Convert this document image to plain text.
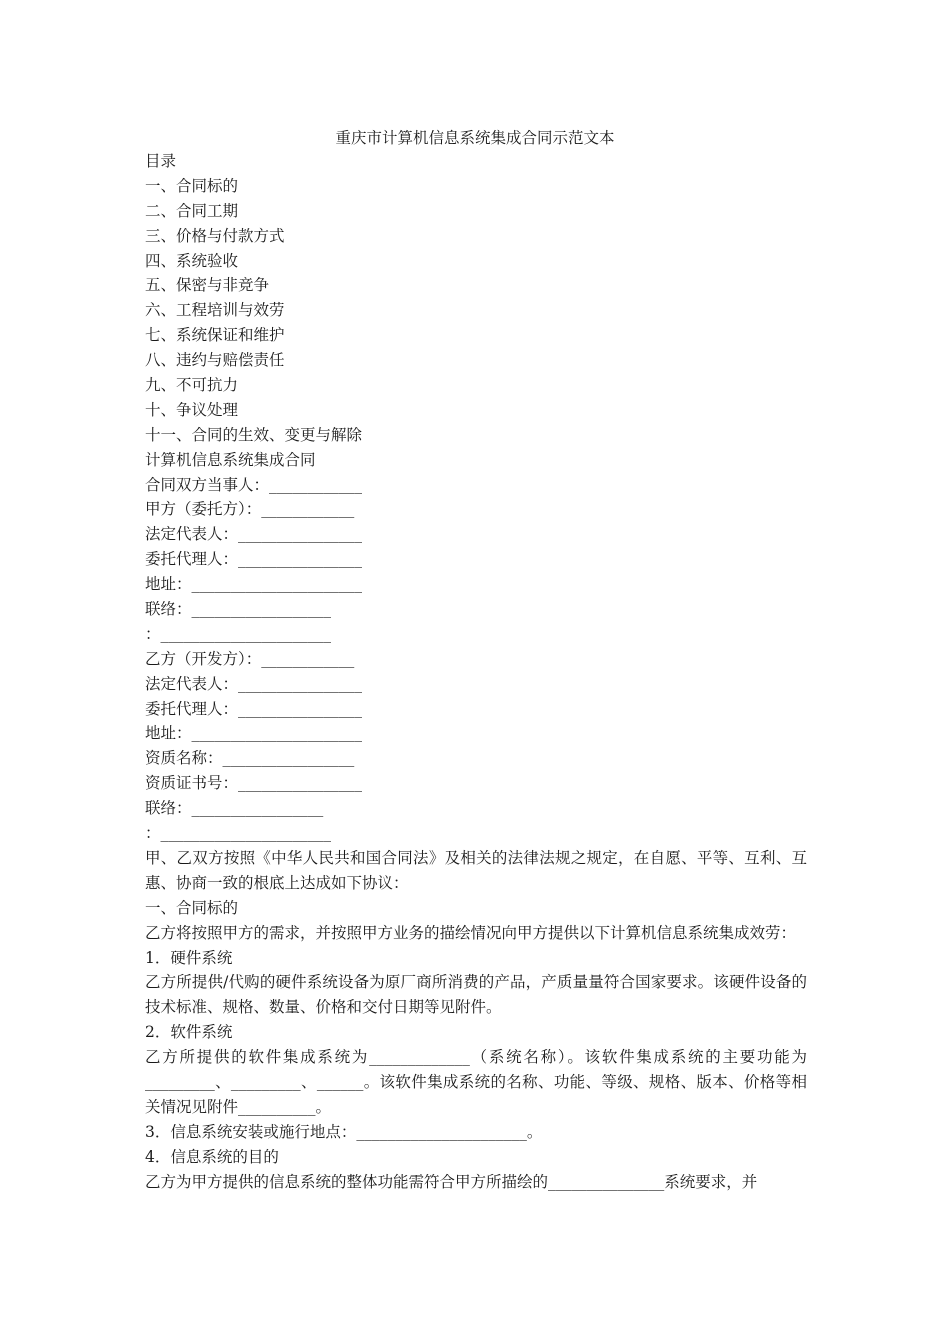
重庆市计算机信息系统集成合同示范文本
目录
一、合同标的
二、合同工期
三、价格与付款方式
四、系统验收
五、保密与非竞争
六、工程培训与效劳
七、系统保证和维护
八、违约与赔偿责任
九、不可抗力
十、争议处理
十一、合同的生效、变更与解除
计算机信息系统集成合同
合同双方当事人：____________
甲方（委托方）：____________
法定代表人：________________
委托代理人：________________
地址：______________________
联络：__________________
：______________________
乙方（开发方）：____________
法定代表人：________________
委托代理人：________________
地址：______________________
资质名称：_________________
资质证书号：________________
联络：_________________
：______________________
甲、乙双方按照《中华人民共和国合同法》及相关的法律法规之规定，在自愿、平等、互利、互惠、协商一致的根底上达成如下协议：
一、合同标的
乙方将按照甲方的需求，并按照甲方业务的描绘情况向甲方提供以下计算机信息系统集成效劳：
1．硬件系统
乙方所提供/代购的硬件系统设备为原厂商所消费的产品，产质量量符合国家要求。该硬件设备的技术标准、规格、数量、价格和交付日期等见附件。
2．软件系统
乙方所提供的软件集成系统为_____________（系统名称）。该软件集成系统的主要功能为_________、_________、______。该软件集成系统的名称、功能、等级、规格、版本、价格等相关情况见附件__________。
3．信息系统安装或施行地点：______________________。
4．信息系统的目的
乙方为甲方提供的信息系统的整体功能需符合甲方所描绘的_______________系统要求，并
